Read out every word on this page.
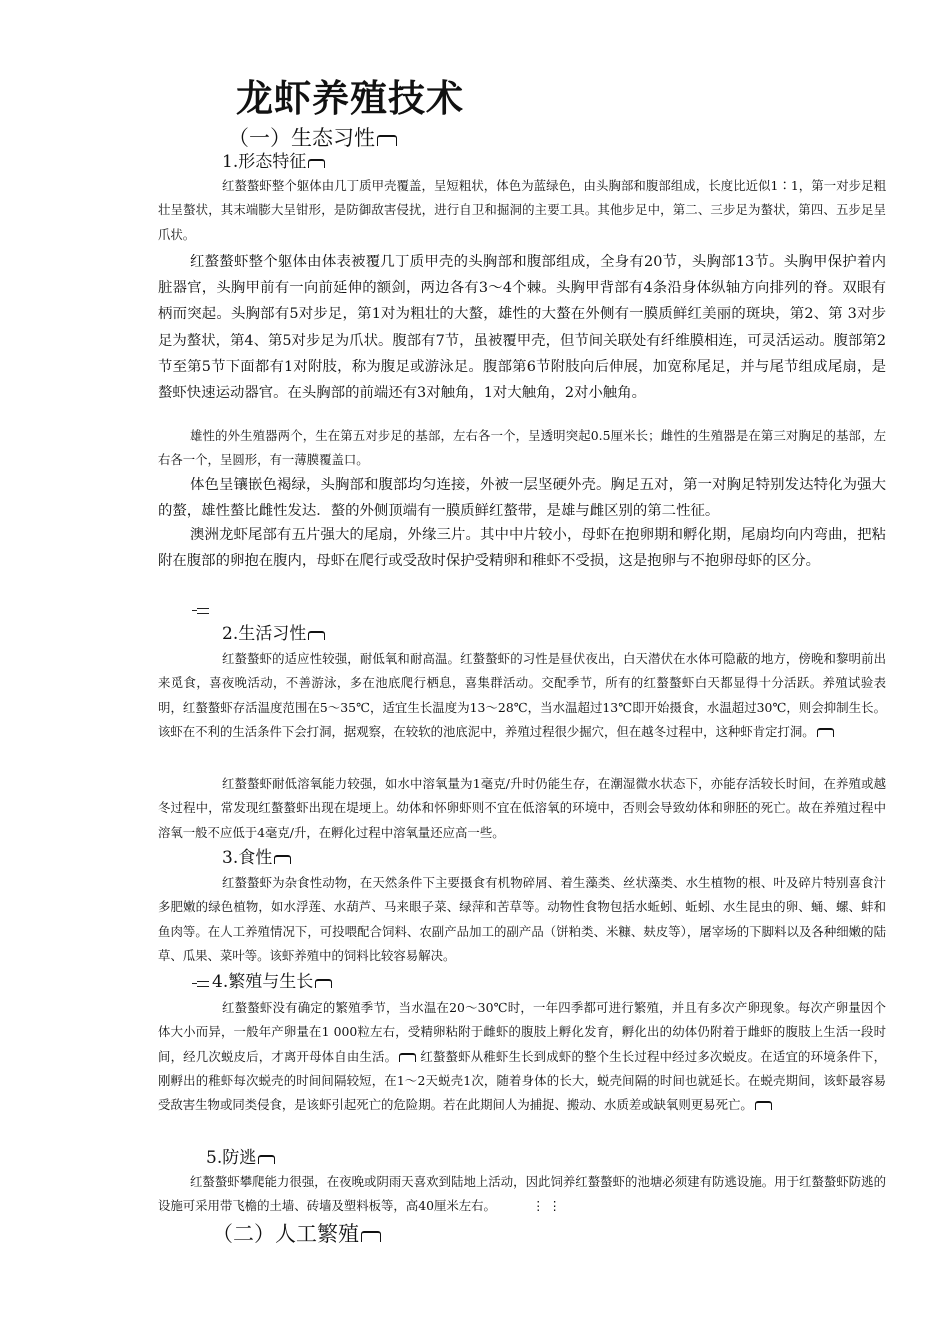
龙虾养殖技术
（一）生态习性
1.形态特征

红螯螯虾整个躯体由几丁质甲壳覆盖，呈短粗状，体色为蓝绿色，由头胸部和腹部组成，长度比近似1∶1，第一对步足粗壮呈螯状，其末端膨大呈钳形，是防御敌害侵扰，进行自卫和掘洞的主要工具。其他步足中，第二、三步足为螯状，第四、五步足呈爪状。

红螯螯虾整个躯体由体表被覆几丁质甲壳的头胸部和腹部组成，全身有20节，头胸部13节。头胸甲保护着内脏器官，头胸甲前有一向前延伸的额剑，两边各有3～4个棘。头胸甲背部有4条沿身体纵轴方向排列的脊。双眼有柄而突起。头胸部有5对步足，第1对为粗壮的大螯，雄性的大螯在外侧有一膜质鲜红美丽的斑块，第2、第 3对步足为螯状，第4、第5对步足为爪状。腹部有7节，虽被覆甲壳，但节间关联处有纤维膜相连，可灵活运动。腹部第2节至第5节下面都有1对附肢，称为腹足或游泳足。腹部第6节附肢向后伸展，加宽称尾足，并与尾节组成尾扇，是螯虾快速运动器官。在头胸部的前端还有3对触角，1对大触角，2对小触角。

雄性的外生殖器两个，生在第五对步足的基部，左右各一个，呈透明突起0.5厘米长；雌性的生殖器是在第三对胸足的基部，左右各一个，呈圆形，有一薄膜覆盖口。

体色呈镶嵌色褐绿，头胸部和腹部均匀连接，外被一层坚硬外壳。胸足五对，第一对胸足特别发达特化为强大的螯，雄性螯比雌性发达．螯的外侧顶端有一膜质鲜红螯带，是雄与雌区别的第二性征。

澳洲龙虾尾部有五片强大的尾扇，外缘三片。其中中片较小，母虾在抱卵期和孵化期，尾扇均向内弯曲，把粘附在腹部的卵抱在腹内，母虾在爬行或受敌时保护受精卵和稚虾不受损，这是抱卵与不抱卵母虾的区分。

2.生活习性

红螯螯虾的适应性较强，耐低氧和耐高温。红螯螯虾的习性是昼伏夜出，白天潜伏在水体可隐蔽的地方，傍晚和黎明前出来觅食，喜夜晚活动，不善游泳，多在池底爬行栖息，喜集群活动。交配季节，所有的红螯螯虾白天都显得十分活跃。养殖试验表明，红螯螯虾存活温度范围在5～35℃，适宜生长温度为13～28℃，当水温超过13℃即开始摄食，水温超过30℃，则会抑制生长。该虾在不利的生活条件下会打洞，据观察，在较软的池底泥中，养殖过程很少掘穴，但在越冬过程中，这种虾肯定打洞。

红螯螯虾耐低溶氧能力较强，如水中溶氧量为1毫克/升时仍能生存，在潮湿微水状态下，亦能存活较长时间，在养殖或越冬过程中，常发现红螯螯虾出现在堤埂上。幼体和怀卵虾则不宜在低溶氧的环境中，否则会导致幼体和卵胚的死亡。故在养殖过程中溶氧一般不应低于4毫克/升，在孵化过程中溶氧量还应高一些。

3.食性

红螯螯虾为杂食性动物，在天然条件下主要摄食有机物碎屑、着生藻类、丝状藻类、水生植物的根、叶及碎片特别喜食汁多肥嫩的绿色植物，如水浮莲、水葫芦、马来眼子菜、绿萍和苦草等。动物性食物包括水蚯蚓、蚯蚓、水生昆虫的卵、蛹、螺、蚌和鱼肉等。在人工养殖情况下，可投喂配合饲料、农副产品加工的副产品（饼粕类、米糠、麸皮等），屠宰场的下脚料以及各种细嫩的陆草、瓜果、菜叶等。该虾养殖中的饲料比较容易解决。

4.繁殖与生长

红螯螯虾没有确定的繁殖季节，当水温在20～30℃时，一年四季都可进行繁殖，并且有多次产卵现象。每次产卵量因个体大小而异，一般年产卵量在1 000粒左右，受精卵粘附于雌虾的腹肢上孵化发育，孵化出的幼体仍附着于雌虾的腹肢上生活一段时间，经几次蜕皮后，才离开母体自由生活。 红螯螯虾从稚虾生长到成虾的整个生长过程中经过多次蜕皮。在适宜的环境条件下，刚孵出的稚虾每次蜕壳的时间间隔较短，在1～2天蜕壳1次，随着身体的长大，蜕壳间隔的时间也就延长。在蜕壳期间，该虾最容易受敌害生物或同类侵食，是该虾引起死亡的危险期。若在此期间人为捕捉、搬动、水质差或缺氧则更易死亡。

5.防逃

红螯螯虾攀爬能力很强，在夜晚或阴雨天喜欢到陆地上活动，因此饲养红螯螯虾的池塘必须建有防逃设施。用于红螯螯虾防逃的设施可采用带飞檐的土墙、砖墙及塑料板等，高40厘米左右。	⋮⋮

（二）人工繁殖
